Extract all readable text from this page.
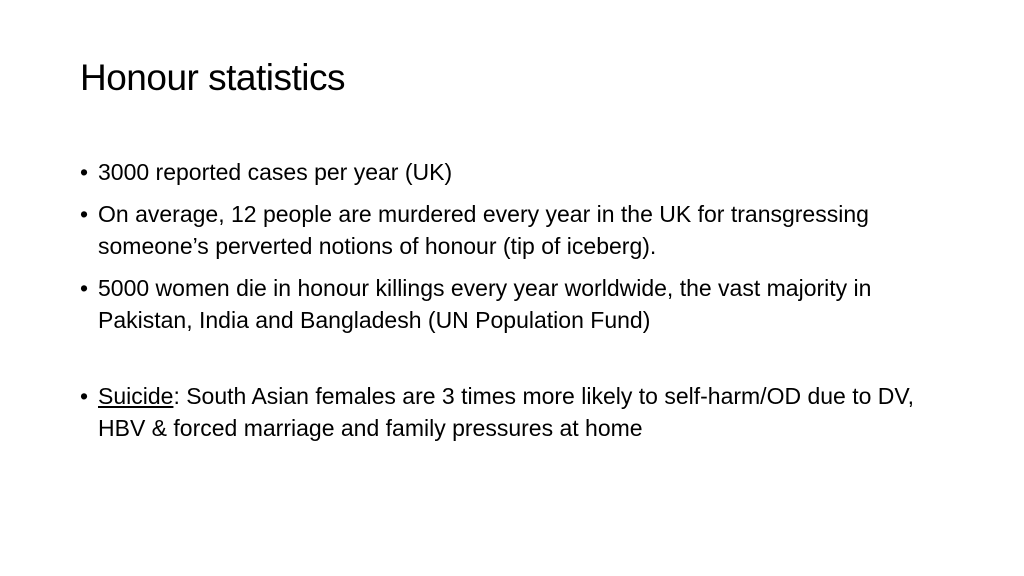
Honour statistics
• 3000 reported cases per year (UK)
• On average, 12 people are murdered every year in the UK for transgressing someone’s perverted notions of honour (tip of iceberg).
• 5000 women die in honour killings every year worldwide, the vast majority in Pakistan, India and Bangladesh (UN Population Fund)
• Suicide: South Asian females are 3 times more likely to self-harm/OD due to DV, HBV & forced marriage and family pressures at home
